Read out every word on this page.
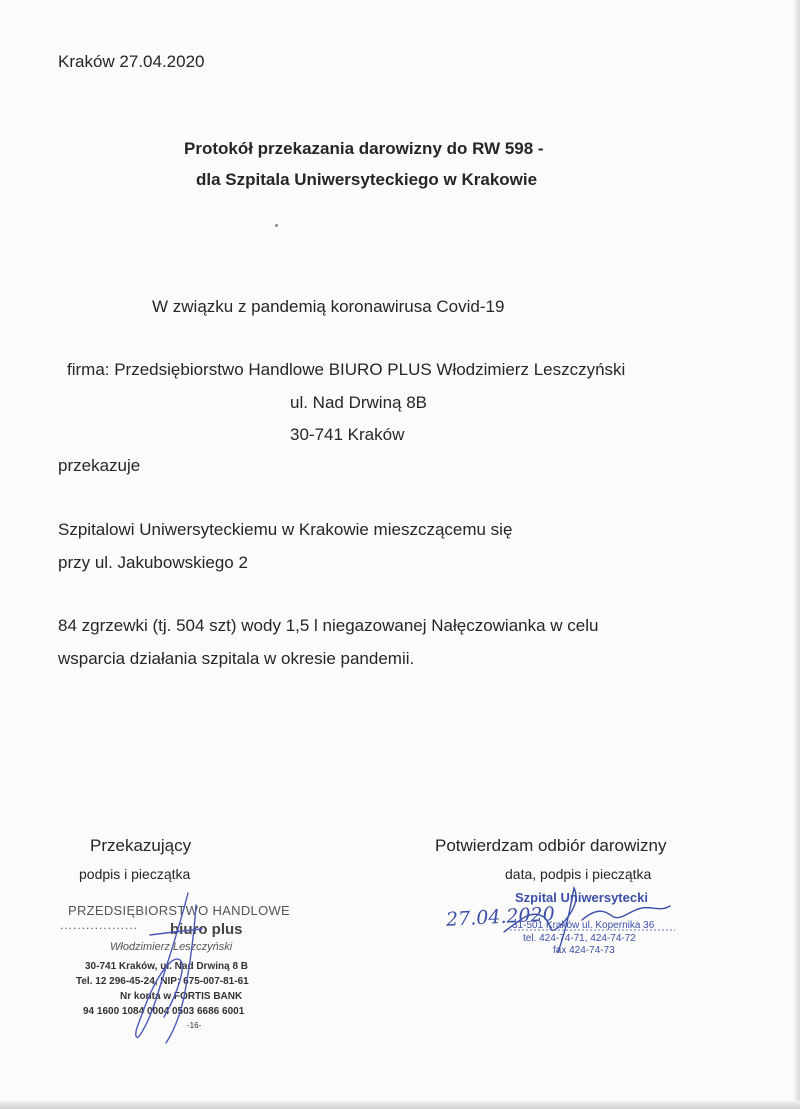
Kraków 27.04.2020
Protokół przekazania darowizny do RW 598 -
dla Szpitala Uniwersyteckiego w Krakowie
W związku z pandemią koronawirusa Covid-19
firma: Przedsiębiorstwo Handlowe BIURO PLUS Włodzimierz Leszczyński
ul. Nad Drwiną 8B
30-741 Kraków
przekazuje
Szpitalowi Uniwersyteckiemu w Krakowie mieszczącemu się
przy ul. Jakubowskiego 2
84 zgrzewki (tj. 504 szt) wody 1,5 l niegazowanej Nałęczowianka w celu
wsparcia działania szpitala w okresie pandemii.
Przekazujący
podpis i pieczątka
PRZEDSIĘBIORSTWO HANDLOWE
.................. biuro plus
Włodzimierz Leszczyński
30-741 Kraków, ul. Nad Drwiną 8 B
Tel. 12 296-45-24, NIP: 675-007-81-61
Nr konta w FORTIS BANK
94 1600 1084 0004 0503 6686 6001
-16-
Potwierdzam odbiór darowizny
data, podpis i pieczątka
27.04.2020
Szpital Uniwersytecki
31-501 Kraków ul. Kopernika 36
tel. 424-74-71, 424-74-72
fax 424-74-73
